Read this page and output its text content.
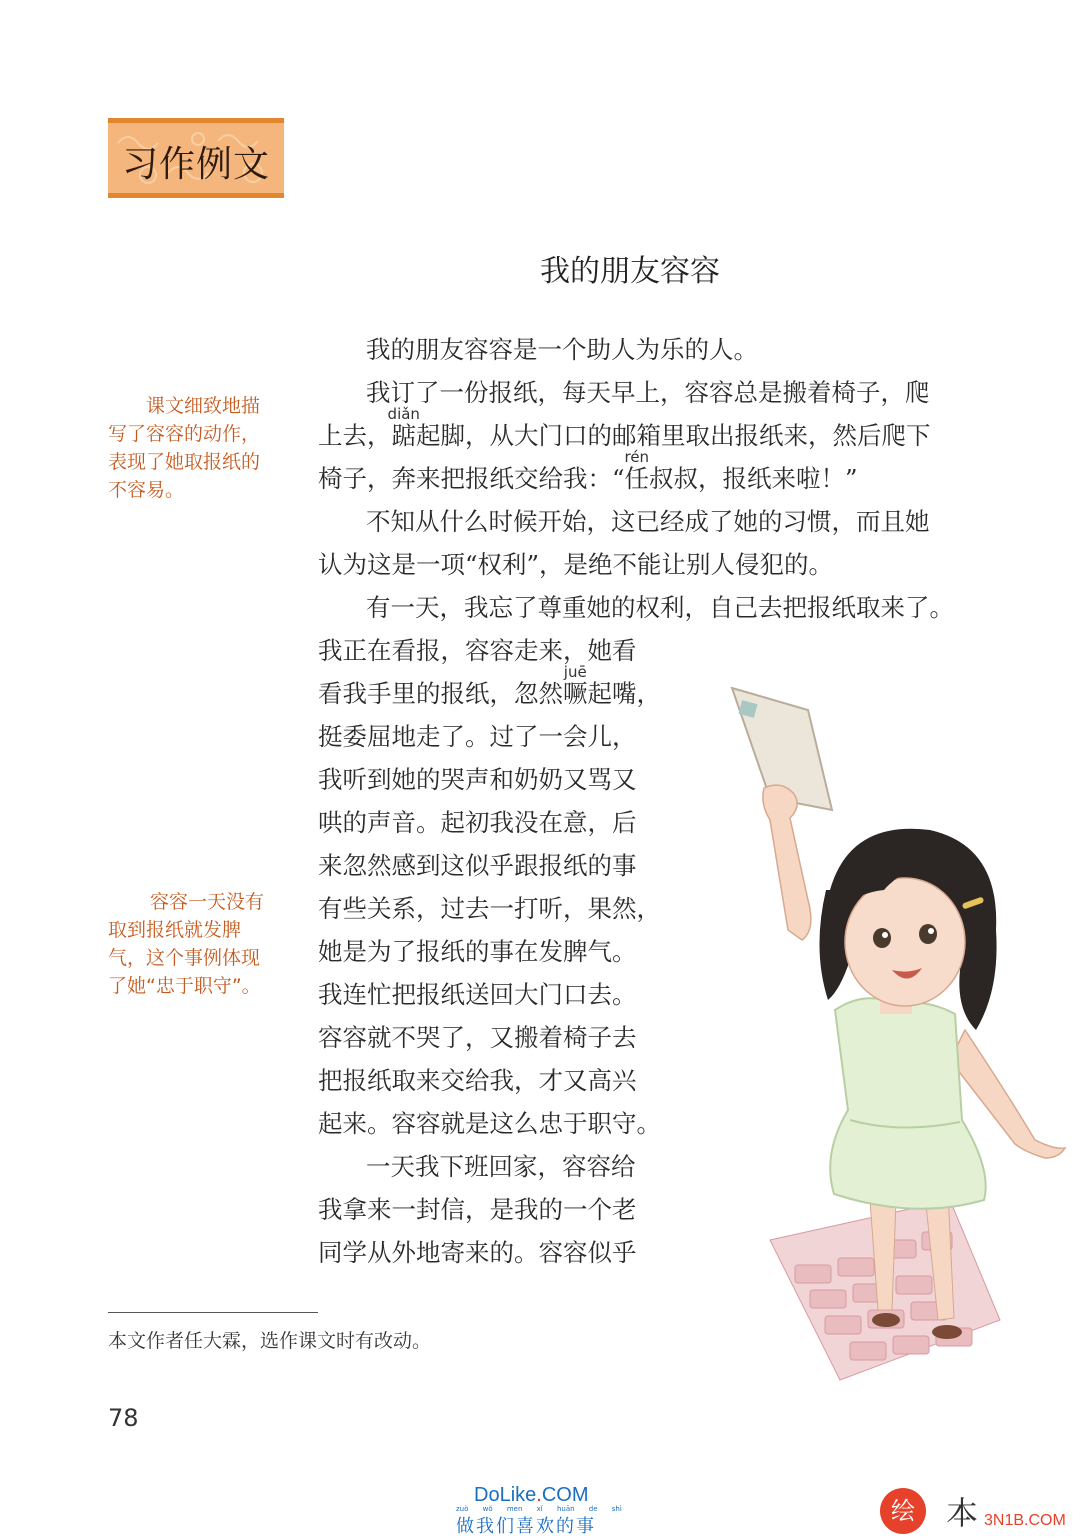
习作例文
我的朋友容容
我的朋友容容是一个助人为乐的人。
我订了一份报纸，每天早上，容容总是搬着椅子，爬
上去，
diǎn
踮起脚，从大门口的邮箱里取出报纸来，然后爬下
椅子，奔来把报纸交给我：“
rén
任叔叔，报纸来啦！”
不知从什么时候开始，这已经成了她的习惯，而且她
认为这是一项“权利”，是绝不能让别人侵犯的。
有一天，我忘了尊重她的权利，自己去把报纸取来了。
我正在看报，容容走来，她看
看我手里的报纸，忽然
juē
噘起嘴，
挺委屈地走了。过了一会儿，
我听到她的哭声和奶奶又骂又
哄的声音。起初我没在意，后
来忽然感到这似乎跟报纸的事
有些关系，过去一打听，果然，
她是为了报纸的事在发脾气。
我连忙把报纸送回大门口去。
容容就不哭了，又搬着椅子去
把报纸取来交给我，才又高兴
起来。容容就是这么忠于职守。
一天我下班回家，容容给
我拿来一封信，是我的一个老
同学从外地寄来的。容容似乎
课文细致地描
写了容容的动作，
表现了她取报纸的
不容易。
容容一天没有
取到报纸就发脾
气，这个事例体现
了她“忠于职守”。
本文作者任大霖，选作课文时有改动。
78
DoLike.COM
zuò wǒ men xǐ huān de shì
做我们喜欢的事
绘 本 3N1B.COM
